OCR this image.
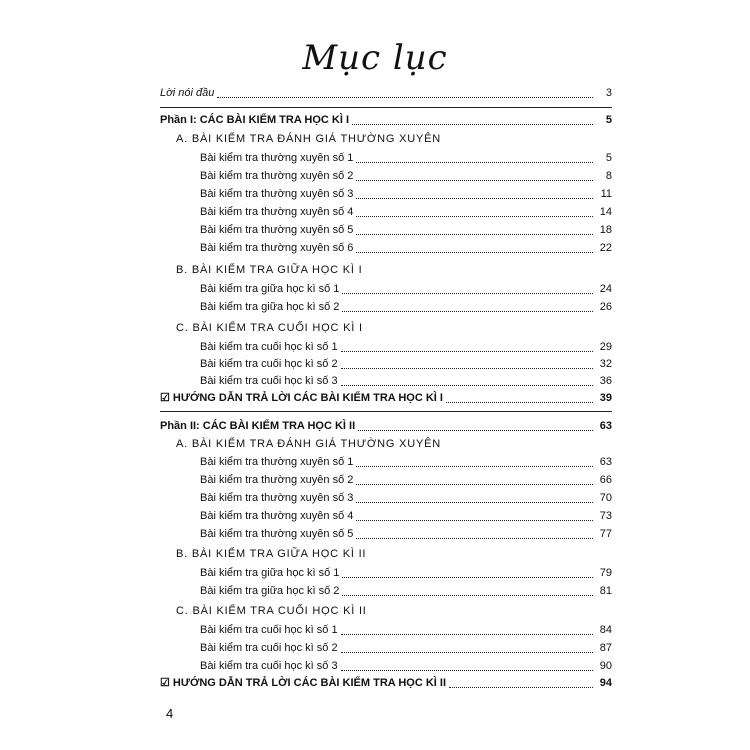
Mục lục
Lời nói đầu	3
Phần I: CÁC BÀI KIỂM TRA HỌC KÌ I	5
A. BÀI KIỂM TRA ĐÁNH GIÁ THƯỜNG XUYÊN
Bài kiểm tra thường xuyên số 1	5
Bài kiểm tra thường xuyên số 2	8
Bài kiểm tra thường xuyên số 3	11
Bài kiểm tra thường xuyên số 4	14
Bài kiểm tra thường xuyên số 5	18
Bài kiểm tra thường xuyên số 6	22
B. BÀI KIỂM TRA GIỮA HỌC KÌ I
Bài kiểm tra giữa học kì số 1	24
Bài kiểm tra giữa học kì số 2	26
C. BÀI KIỂM TRA CUỐI HỌC KÌ I
Bài kiểm tra cuối học kì số 1	29
Bài kiểm tra cuối học kì số 2	32
Bài kiểm tra cuối học kì số 3	36
☑ HƯỚNG DẪN TRẢ LỜI CÁC BÀI KIỂM TRA HỌC KÌ I	39
Phần II: CÁC BÀI KIỂM TRA HỌC KÌ II	63
A. BÀI KIỂM TRA ĐÁNH GIÁ THƯỜNG XUYÊN
Bài kiểm tra thường xuyên số 1	63
Bài kiểm tra thường xuyên số 2	66
Bài kiểm tra thường xuyên số 3	70
Bài kiểm tra thường xuyên số 4	73
Bài kiểm tra thường xuyên số 5	77
B. BÀI KIỂM TRA GIỮA HỌC KÌ II
Bài kiểm tra giữa học kì số 1	79
Bài kiểm tra giữa học kì số 2	81
C. BÀI KIỂM TRA CUỐI HỌC KÌ II
Bài kiểm tra cuối học kì số 1	84
Bài kiểm tra cuối học kì số 2	87
Bài kiểm tra cuối học kì số 3	90
☑ HƯỚNG DẪN TRẢ LỜI CÁC BÀI KIỂM TRA HỌC KÌ II	94
4
